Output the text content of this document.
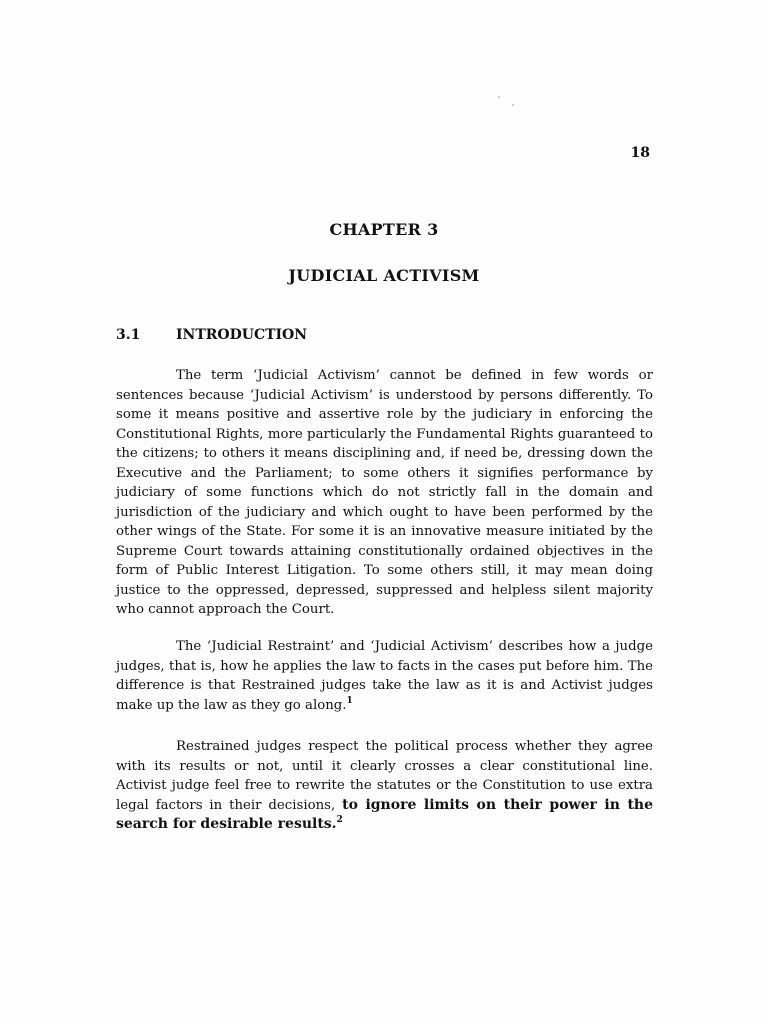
18
CHAPTER 3
JUDICIAL ACTIVISM
3.1	INTRODUCTION

The term ‘Judicial Activism’ cannot be defined in few words or sentences because ‘Judicial Activism’ is understood by persons differently. To some it means positive and assertive role by the judiciary in enforcing the Constitutional Rights, more particularly the Fundamental Rights guaranteed to the citizens; to others it means disciplining and, if need be, dressing down the Executive and the Parliament; to some others it signifies performance by judiciary of some functions which do not strictly fall in the domain and jurisdiction of the judiciary and which ought to have been performed by the other wings of the State. For some it is an innovative measure initiated by the Supreme Court towards attaining constitutionally ordained objectives in the form of Public Interest Litigation. To some others still, it may mean doing justice to the oppressed, depressed, suppressed and helpless silent majority who cannot approach the Court.

The ‘Judicial Restraint’ and ‘Judicial Activism’ describes how a judge judges, that is, how he applies the law to facts in the cases put before him. The difference is that Restrained judges take the law as it is and Activist judges make up the law as they go along.$^1$

Restrained judges respect the political process whether they agree with its results or not, until it clearly crosses a clear constitutional line. Activist judge feel free to rewrite the statutes or the Constitution to use extra legal factors in their decisions, to ignore limits on their power in the search for desirable results.$^2$
